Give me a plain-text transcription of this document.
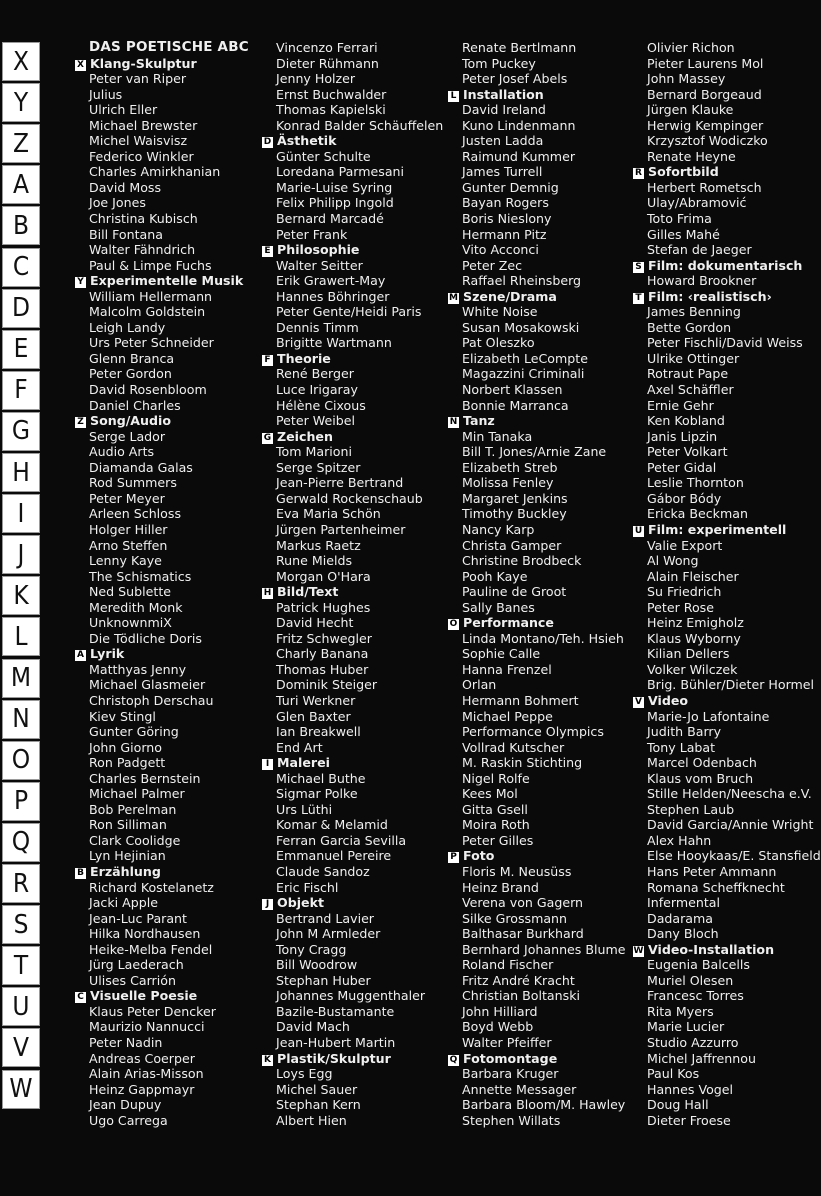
X
Y
Z
A
B
C
D
E
F
G
H
I
J
K
L
M
N
O
P
Q
R
S
T
U
V
W
DAS POETISCHE ABC
X Klang-Skulptur
Peter van Riper
Julius
Ulrich Eller
Michael Brewster
Michel Waisvisz
Federico Winkler
Charles Amirkhanian
David Moss
Joe Jones
Christina Kubisch
Bill Fontana
Walter Fähndrich
Paul & Limpe Fuchs
Y Experimentelle Musik
William Hellermann
Malcolm Goldstein
Leigh Landy
Urs Peter Schneider
Glenn Branca
Peter Gordon
David Rosenbloom
Daniel Charles
Z Song/Audio
Serge Lador
Audio Arts
Diamanda Galas
Rod Summers
Peter Meyer
Arleen Schloss
Holger Hiller
Arno Steffen
Lenny Kaye
The Schismatics
Ned Sublette
Meredith Monk
UnknownmiX
Die Tödliche Doris
A Lyrik
Matthyas Jenny
Michael Glasmeier
Christoph Derschau
Kiev Stingl
Gunter Göring
John Giorno
Ron Padgett
Charles Bernstein
Michael Palmer
Bob Perelman
Ron Silliman
Clark Coolidge
Lyn Hejinian
B Erzählung
Richard Kostelanetz
Jacki Apple
Jean-Luc Parant
Hilka Nordhausen
Heike-Melba Fendel
Jürg Laederach
Ulises Carrión
C Visuelle Poesie
Klaus Peter Dencker
Maurizio Nannucci
Peter Nadin
Andreas Coerper
Alain Arias-Misson
Heinz Gappmayr
Jean Dupuy
Ugo Carrega
Vincenzo Ferrari
Dieter Rühmann
Jenny Holzer
Ernst Buchwalder
Thomas Kapielski
Konrad Balder Schäuffelen
D Ästhetik
Günter Schulte
Loredana Parmesani
Marie-Luise Syring
Felix Philipp Ingold
Bernard Marcadé
Peter Frank
E Philosophie
Walter Seitter
Erik Grawert-May
Hannes Böhringer
Peter Gente/Heidi Paris
Dennis Timm
Brigitte Wartmann
F Theorie
René Berger
Luce Irigaray
Hélène Cixous
Peter Weibel
G Zeichen
Tom Marioni
Serge Spitzer
Jean-Pierre Bertrand
Gerwald Rockenschaub
Eva Maria Schön
Jürgen Partenheimer
Markus Raetz
Rune Mields
Morgan O'Hara
H Bild/Text
Patrick Hughes
David Hecht
Fritz Schwegler
Charly Banana
Thomas Huber
Dominik Steiger
Turi Werkner
Glen Baxter
Ian Breakwell
End Art
I Malerei
Michael Buthe
Sigmar Polke
Urs Lüthi
Komar & Melamid
Ferran Garcia Sevilla
Emmanuel Pereire
Claude Sandoz
Eric Fischl
J Objekt
Bertrand Lavier
John M Armleder
Tony Cragg
Bill Woodrow
Stephan Huber
Johannes Muggenthaler
Bazile-Bustamante
David Mach
Jean-Hubert Martin
K Plastik/Skulptur
Loys Egg
Michel Sauer
Stephan Kern
Albert Hien
Renate Bertlmann
Tom Puckey
Peter Josef Abels
L Installation
David Ireland
Kuno Lindenmann
Justen Ladda
Raimund Kummer
James Turrell
Gunter Demnig
Bayan Rogers
Boris Nieslony
Hermann Pitz
Vito Acconci
Peter Zec
Raffael Rheinsberg
M Szene/Drama
White Noise
Susan Mosakowski
Pat Oleszko
Elizabeth LeCompte
Magazzini Criminali
Norbert Klassen
Bonnie Marranca
N Tanz
Min Tanaka
Bill T. Jones/Arnie Zane
Elizabeth Streb
Molissa Fenley
Margaret Jenkins
Timothy Buckley
Nancy Karp
Christa Gamper
Christine Brodbeck
Pooh Kaye
Pauline de Groot
Sally Banes
O Performance
Linda Montano/Teh. Hsieh
Sophie Calle
Hanna Frenzel
Orlan
Hermann Bohmert
Michael Peppe
Performance Olympics
Vollrad Kutscher
M. Raskin Stichting
Nigel Rolfe
Kees Mol
Gitta Gsell
Moira Roth
Peter Gilles
P Foto
Floris M. Neusüss
Heinz Brand
Verena von Gagern
Silke Grossmann
Balthasar Burkhard
Bernhard Johannes Blume
Roland Fischer
Fritz André Kracht
Christian Boltanski
John Hilliard
Boyd Webb
Walter Pfeiffer
Q Fotomontage
Barbara Kruger
Annette Messager
Barbara Bloom/M. Hawley
Stephen Willats
Olivier Richon
Pieter Laurens Mol
John Massey
Bernard Borgeaud
Jürgen Klauke
Herwig Kempinger
Krzysztof Wodiczko
Renate Heyne
R Sofortbild
Herbert Rometsch
Ulay/Abramović
Toto Frima
Gilles Mahé
Stefan de Jaeger
S Film: dokumentarisch
Howard Brookner
T Film: ‹realistisch›
James Benning
Bette Gordon
Peter Fischli/David Weiss
Ulrike Ottinger
Rotraut Pape
Axel Schäffler
Ernie Gehr
Ken Kobland
Janis Lipzin
Peter Volkart
Peter Gidal
Leslie Thornton
Gábor Bódy
Ericka Beckman
U Film: experimentell
Valie Export
Al Wong
Alain Fleischer
Su Friedrich
Peter Rose
Heinz Emigholz
Klaus Wyborny
Kilian Dellers
Volker Wilczek
Brig. Bühler/Dieter Hormel
V Video
Marie-Jo Lafontaine
Judith Barry
Tony Labat
Marcel Odenbach
Klaus vom Bruch
Stille Helden/Neescha e.V.
Stephen Laub
David Garcia/Annie Wright
Alex Hahn
Else Hooykaas/E. Stansfield
Hans Peter Ammann
Romana Scheffknecht
Infermental
Dadarama
Dany Bloch
W Video-Installation
Eugenia Balcells
Muriel Olesen
Francesc Torres
Rita Myers
Marie Lucier
Studio Azzurro
Michel Jaffrennou
Paul Kos
Hannes Vogel
Doug Hall
Dieter Froese
